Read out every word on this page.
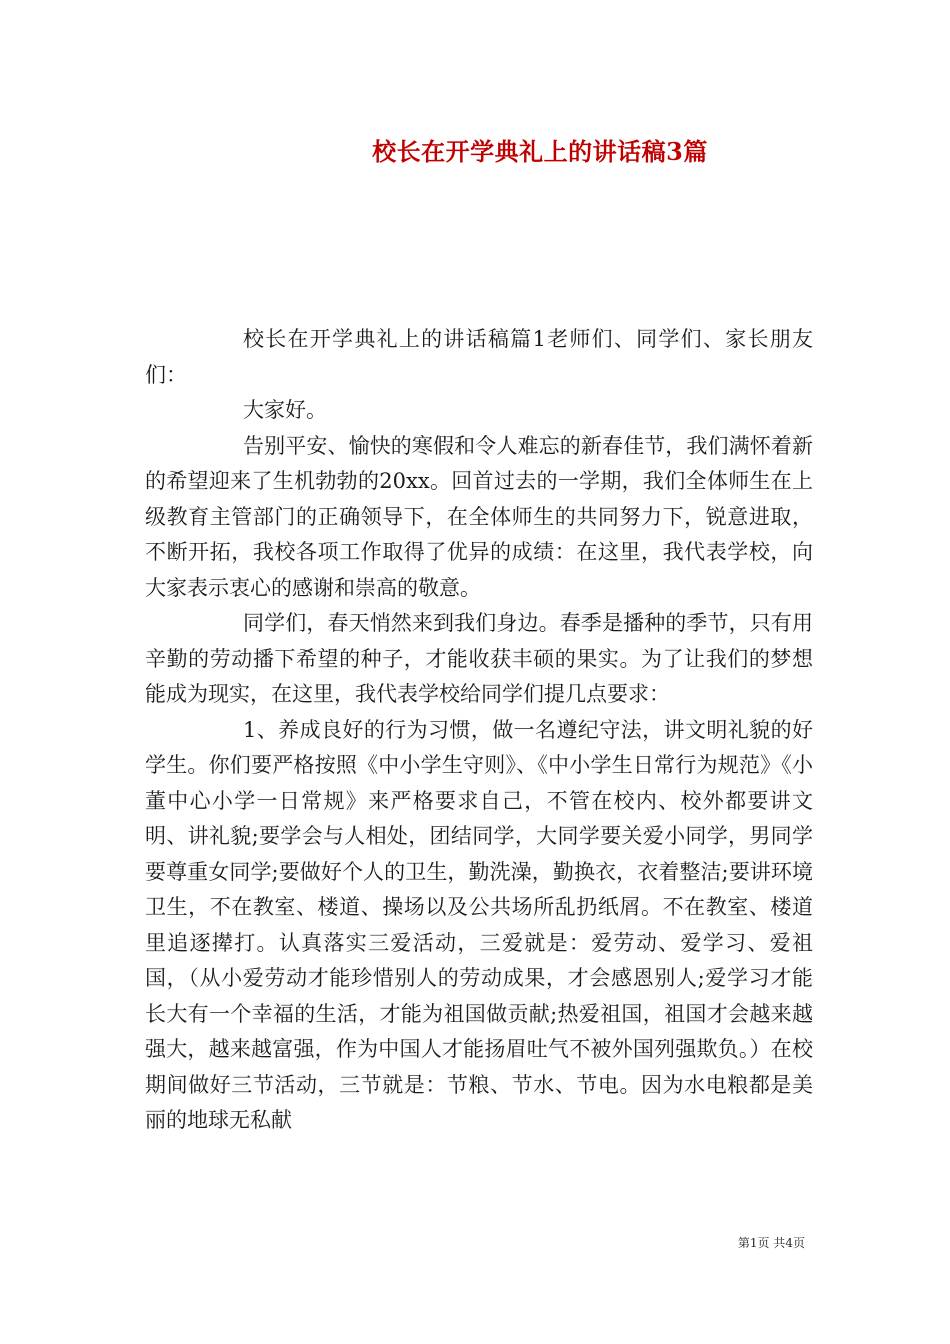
校长在开学典礼上的讲话稿3篇

校长在开学典礼上的讲话稿篇1老师们、同学们、家长朋友们：

大家好。

告别平安、愉快的寒假和令人难忘的新春佳节，我们满怀着新的希望迎来了生机勃勃的20xx。回首过去的一学期，我们全体师生在上级教育主管部门的正确领导下，在全体师生的共同努力下，锐意进取，不断开拓，我校各项工作取得了优异的成绩：在这里，我代表学校，向大家表示衷心的感谢和崇高的敬意。

同学们，春天悄然来到我们身边。春季是播种的季节，只有用辛勤的劳动播下希望的种子，才能收获丰硕的果实。为了让我们的梦想能成为现实，在这里，我代表学校给同学们提几点要求：

1、养成良好的行为习惯，做一名遵纪守法，讲文明礼貌的好学生。你们要严格按照《中小学生守则》、《中小学生日常行为规范》《小董中心小学一日常规》来严格要求自己，不管在校内、校外都要讲文明、讲礼貌;要学会与人相处，团结同学，大同学要关爱小同学，男同学要尊重女同学;要做好个人的卫生，勤洗澡，勤换衣，衣着整洁;要讲环境卫生，不在教室、楼道、操场以及公共场所乱扔纸屑。不在教室、楼道里追逐撵打。认真落实三爱活动，三爱就是：爱劳动、爱学习、爱祖国，（从小爱劳动才能珍惜别人的劳动成果，才会感恩别人;爱学习才能长大有一个幸福的生活，才能为祖国做贡献;热爱祖国，祖国才会越来越强大，越来越富强，作为中国人才能扬眉吐气不被外国列强欺负。）在校期间做好三节活动，三节就是：节粮、节水、节电。因为水电粮都是美丽的地球无私献

第1页 共4页
